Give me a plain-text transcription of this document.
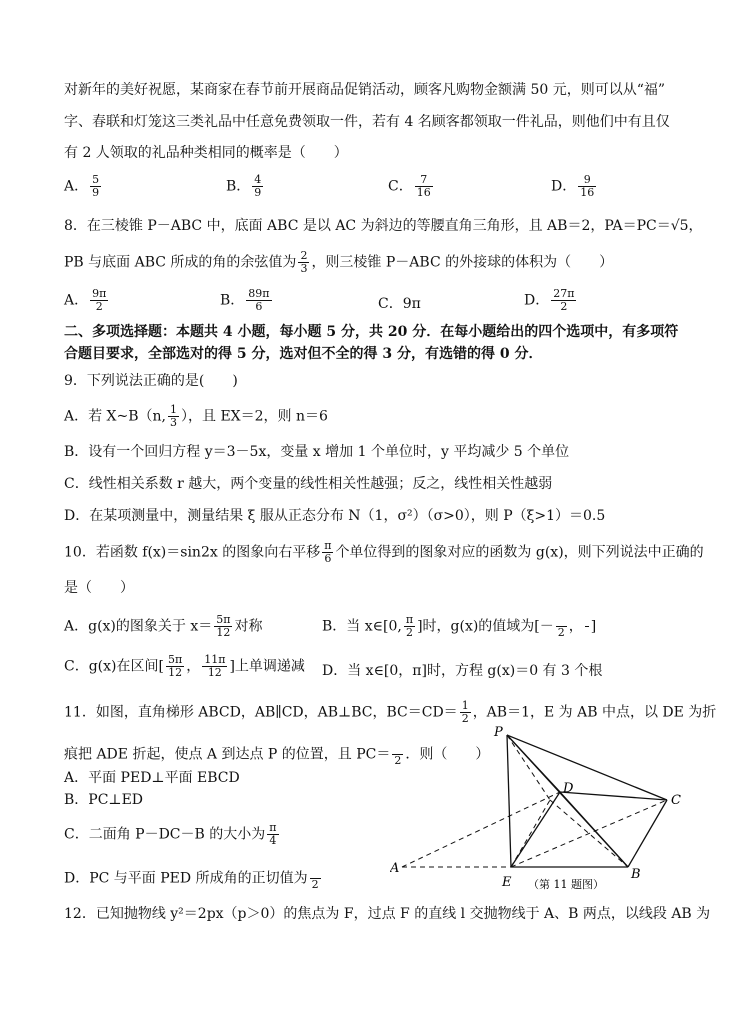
对新年的美好祝愿，某商家在春节前开展商品促销活动，顾客凡购物金额满 50 元，则可以从“福”
字、春联和灯笼这三类礼品中任意免费领取一件，若有 4 名顾客都领取一件礼品，则他们中有且仅
有 2 人领取的礼品种类相同的概率是（　　）
A． $\frac{5}{9}$	B． $\frac{4}{9}$	C． $\frac{7}{16}$	D． $\frac{9}{16}$
8．在三棱锥 P－ABC 中，底面 ABC 是以 AC 为斜边的等腰直角三角形，且 AB＝2，PA＝PC＝√5，
PB 与底面 ABC 所成的角的余弦值为 $\frac{2}{3}$ ，则三棱锥 P－ABC 的外接球的体积为（　　）
A． $\frac{9\pi}{2}$	B． $\frac{89\pi}{6}$	C．9π	D． $\frac{27\pi}{2}$
二、多项选择题：本题共 4 小题，每小题 5 分，共 20 分．在每小题给出的四个选项中，有多项符
合题目要求，全部选对的得 5 分，选对但不全的得 3 分，有选错的得 0 分．
9．下列说法正确的是(　　)
A．若 X~B（n, $\frac{1}{3}$ ），且 EX＝2，则 n＝6
B．设有一个回归方程 y＝3－5x，变量 x 增加 1 个单位时，y 平均减少 5 个单位
C．线性相关系数 r 越大，两个变量的线性相关性越强；反之，线性相关性越弱
D．在某项测量中，测量结果 ξ 服从正态分布 N（1，σ²）（σ>0），则 P（ξ>1）＝0.5
10．若函数 f(x)＝sin2x 的图象向右平移 $\frac{\pi}{6}$ 个单位得到的图象对应的函数为 g(x)，则下列说法中正确的
是（　　）
A．g(x)的图象关于 $x= \frac{5\pi}{12}$ 对称	B．当 x∈[0, $\frac{\pi}{2}$ ]时，g(x)的值域为[－ 2 ， ]
C．g(x)在区间[ $\frac{5\pi}{12}$ ， $\frac{11\pi}{12}$ ]上单调递减 D．当 x∈[0，π]时，方程 g(x)＝0 有 3 个根
11．如图，直角梯形 ABCD，AB∥CD，AB⊥BC，$BC=CD= \frac{1}{2}$ ，AB＝1，E 为 AB 中点，以 DE 为折
痕把 ADE 折起，使点 A 到达点 P 的位置，且 PC＝ 2 ．则（　　）
A．平面 PED⊥平面 EBCD
B．PC⊥ED
C．二面角 P－DC－B 的大小为 $\frac{\pi}{4}$
D．PC 与平面 PED 所成角的正切值为 2
P
D
C
A
E
B
（第 11 题图）
12．已知抛物线 y²＝2px（p＞0）的焦点为 F，过点 F 的直线 l 交抛物线于 A、B 两点，以线段 AB 为
